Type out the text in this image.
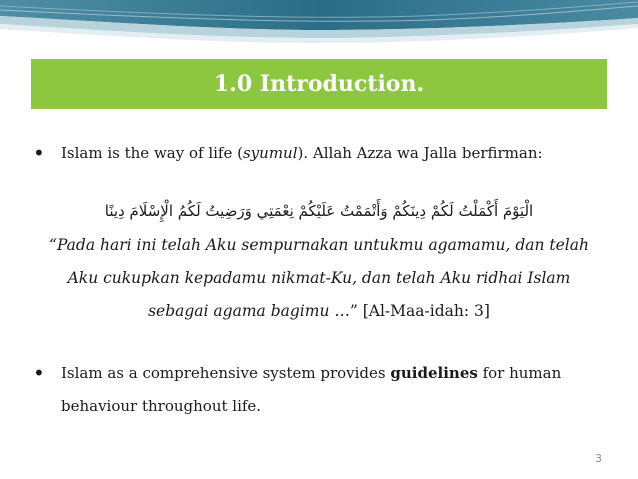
1.0 Introduction.
•	Islam is the way of life (syumul). Allah Azza wa Jalla berfirman:
الْيَوْمَ أَكْمَلْتُ لَكُمْ دِينَكُمْ وَأَتْمَمْتُ عَلَيْكُمْ نِعْمَتِي وَرَضِيتُ لَكُمُ الْإِسْلَامَ دِينًا
“Pada hari ini telah Aku sempurnakan untukmu agamamu, dan telah
Aku cukupkan kepadamu nikmat-Ku, dan telah Aku ridhai Islam
sebagai agama bagimu …” [Al-Maa-idah: 3]
•	Islam as a comprehensive system provides guidelines for human
behaviour throughout life.
3
